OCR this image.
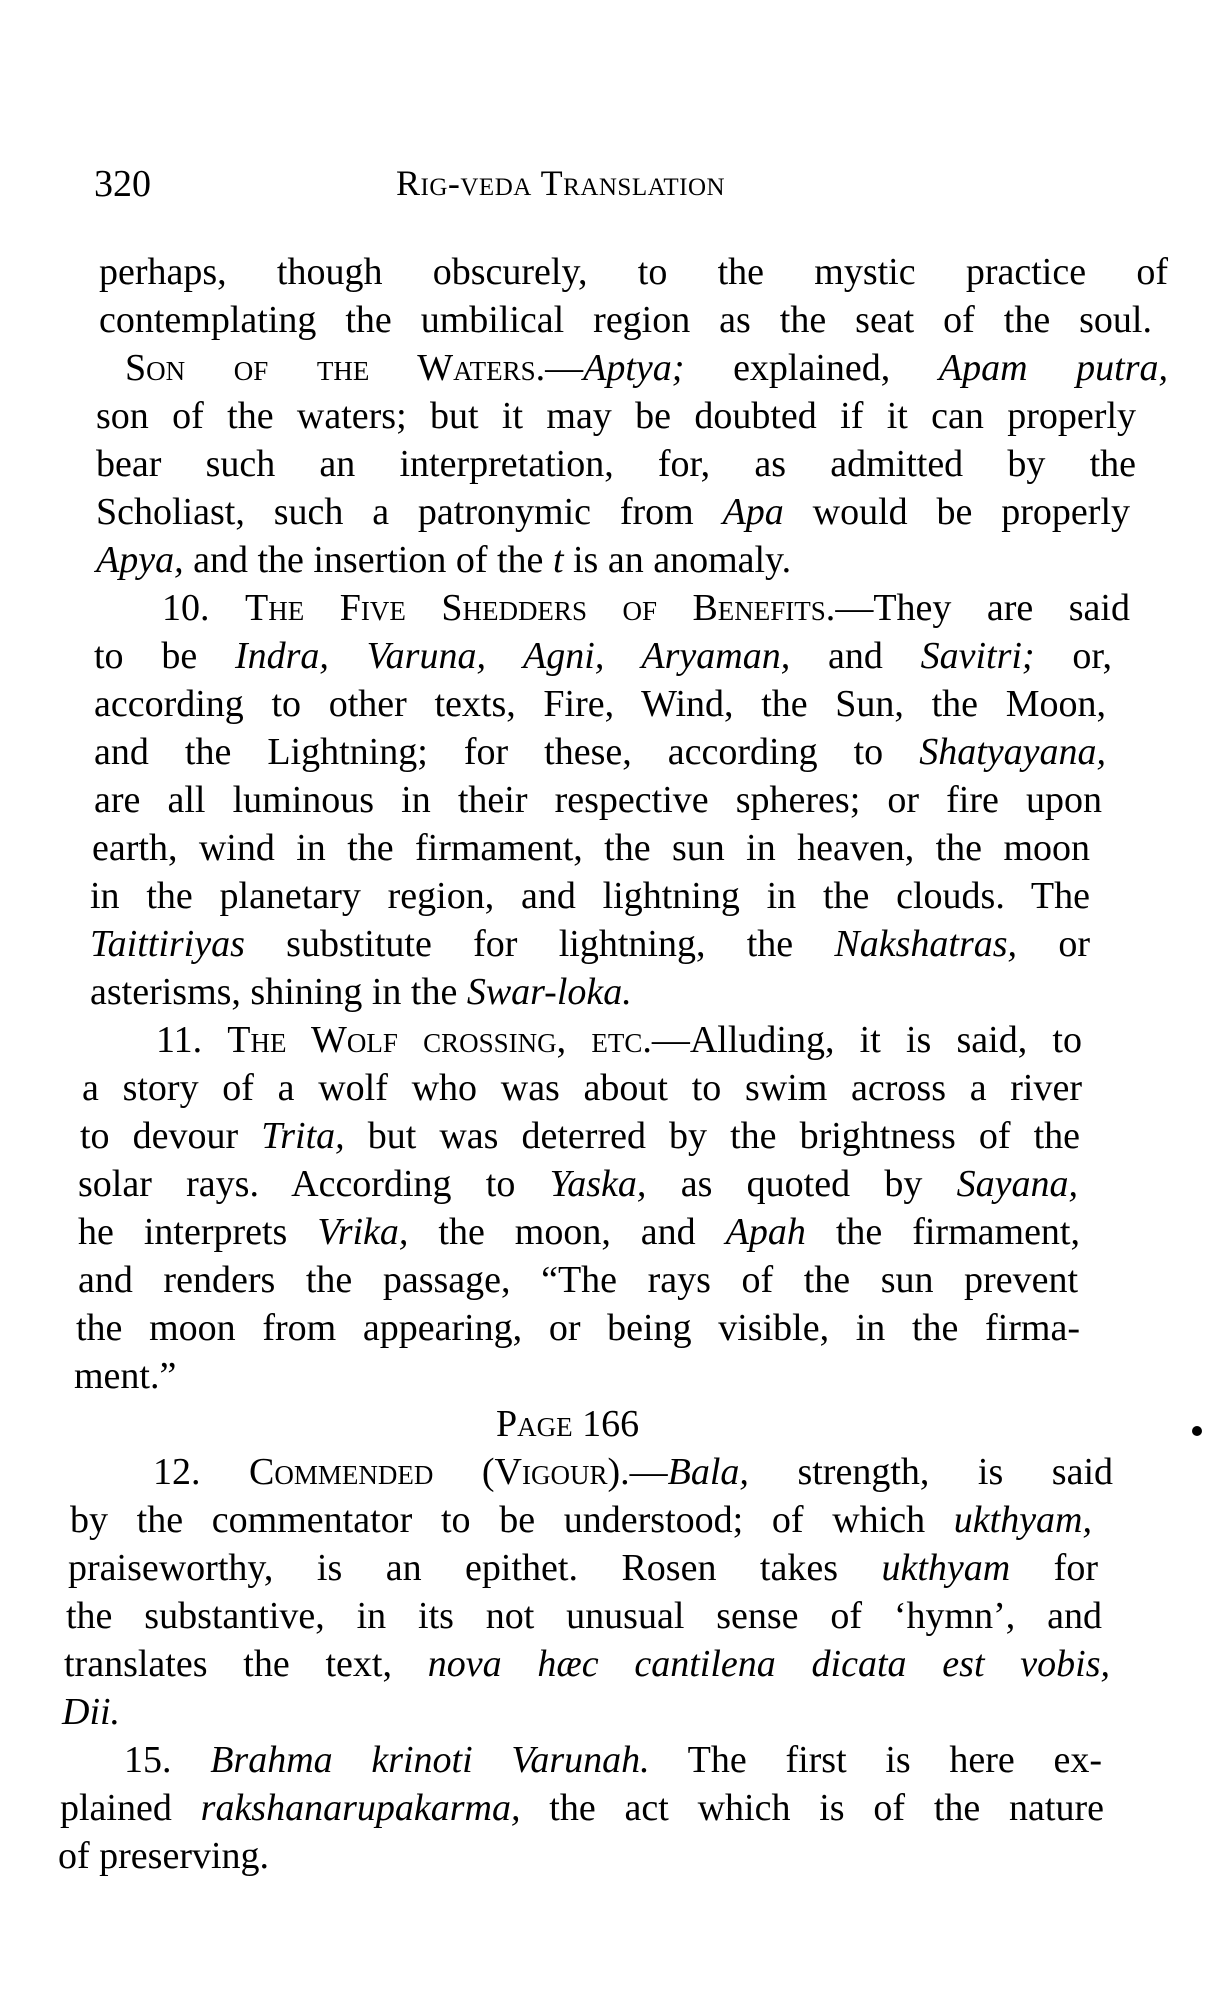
320	Rig-veda Translation
perhaps, though obscurely, to the mystic practice of
contemplating the umbilical region as the seat of the soul.
Son of the Waters.—Aptya; explained, Apam putra,
son of the waters; but it may be doubted if it can properly
bear such an interpretation, for, as admitted by the
Scholiast, such a patronymic from Apa would be properly
Apya, and the insertion of the t is an anomaly.
10. The Five Shedders of Benefits.—They are said
to be Indra, Varuna, Agni, Aryaman, and Savitri; or,
according to other texts, Fire, Wind, the Sun, the Moon,
and the Lightning; for these, according to Shatyayana,
are all luminous in their respective spheres; or fire upon
earth, wind in the firmament, the sun in heaven, the moon
in the planetary region, and lightning in the clouds. The
Taittiriyas substitute for lightning, the Nakshatras, or
asterisms, shining in the Swar-loka.
11. The Wolf crossing, etc.—Alluding, it is said, to
a story of a wolf who was about to swim across a river
to devour Trita, but was deterred by the brightness of the
solar rays. According to Yaska, as quoted by Sayana,
he interprets Vrika, the moon, and Apah the firmament,
and renders the passage, “The rays of the sun prevent
the moon from appearing, or being visible, in the firma-
ment.”
Page 166
12. Commended (Vigour).—Bala, strength, is said
by the commentator to be understood; of which ukthyam,
praiseworthy, is an epithet. Rosen takes ukthyam for
the substantive, in its not unusual sense of ‘hymn’, and
translates the text, nova hæc cantilena dicata est vobis,
Dii.
15. Brahma krinoti Varunah. The first is here ex-
plained rakshanarupakarma, the act which is of the nature
of preserving.
